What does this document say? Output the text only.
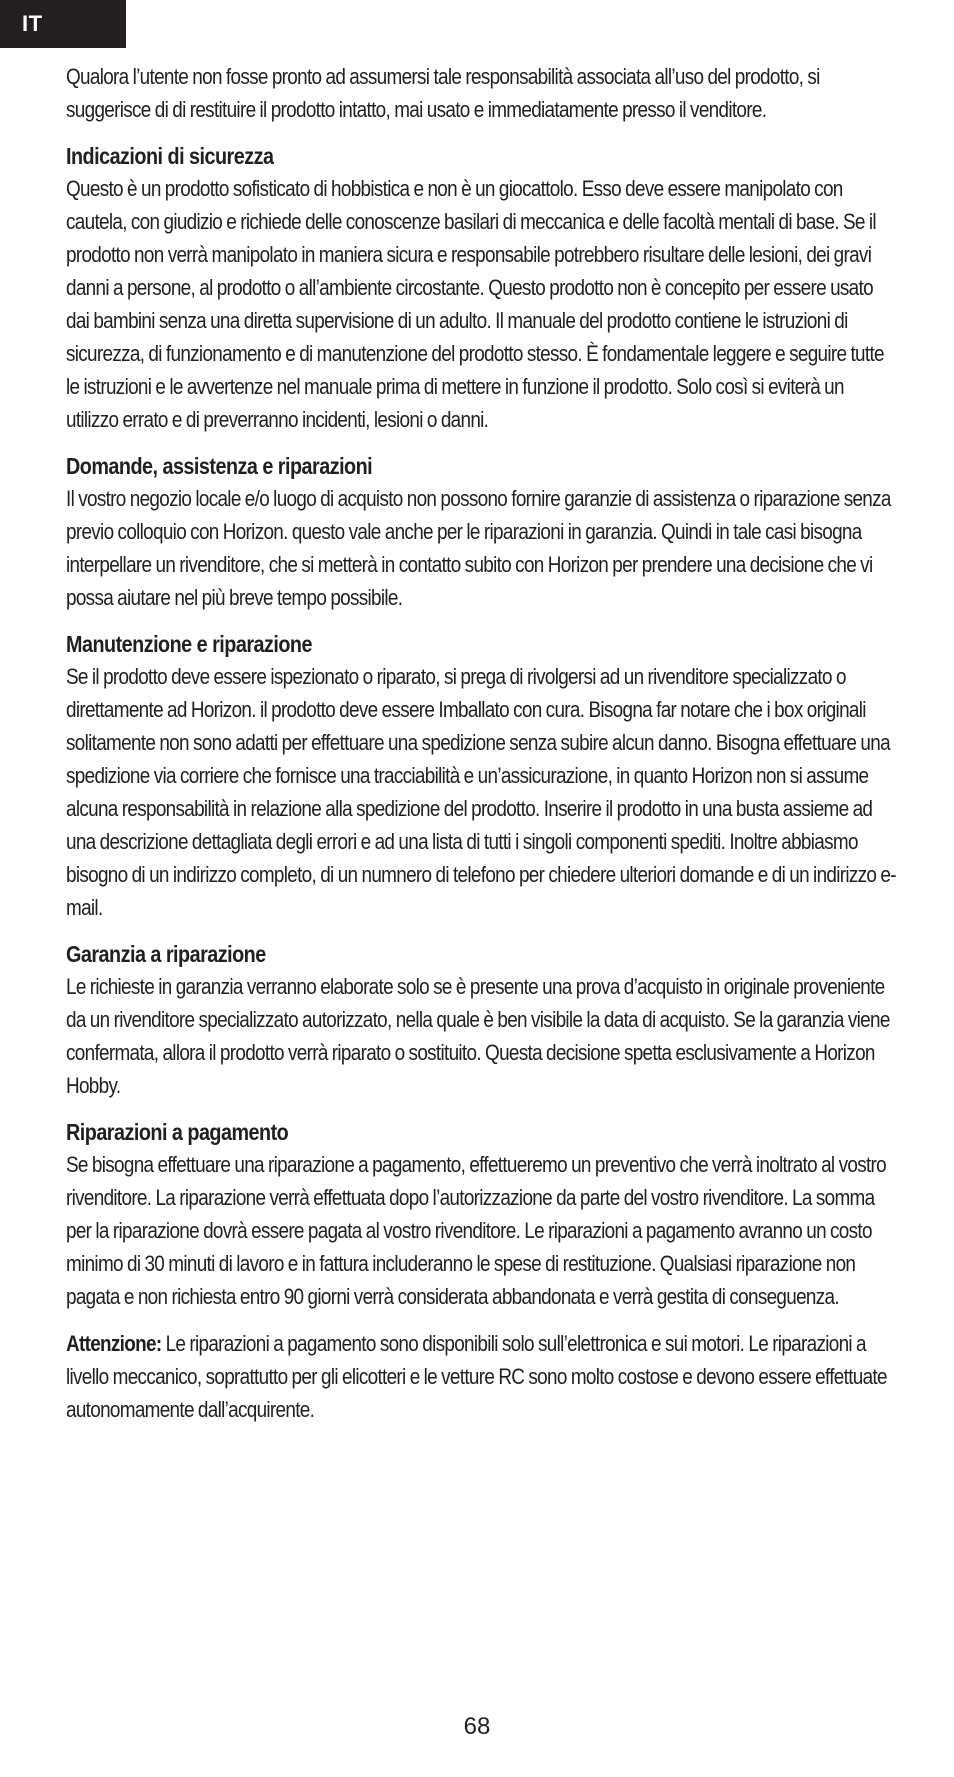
IT

Qualora l’utente non fosse pronto ad assumersi tale responsabilità associata all’uso del prodotto, si suggerisce di di restituire il prodotto intatto, mai usato e immediatamente presso il venditore.

Indicazioni di sicurezza

Questo è un prodotto sofisticato di hobbistica e non è un giocattolo. Esso deve essere manipolato con cautela, con giudizio e richiede delle conoscenze basilari di meccanica e delle facoltà mentali di base. Se il prodotto non verrà manipolato in maniera sicura e responsabile potrebbero risultare delle lesioni, dei gravi danni a persone, al prodotto o all’ambiente circostante. Questo prodotto non è concepito per essere usato dai bambini senza una diretta supervisione di un adulto. Il manuale del prodotto contiene le istruzioni di sicurezza, di funzionamento e di manutenzione del prodotto stesso. È fondamentale leggere e seguire tutte le istruzioni e le avvertenze nel manuale prima di mettere in funzione il prodotto. Solo così si eviterà un utilizzo errato e di preverranno incidenti, lesioni o danni.

Domande, assistenza e riparazioni

Il vostro negozio locale e/o luogo di acquisto non possono fornire garanzie di assistenza o riparazione senza previo colloquio con Horizon. questo vale anche per le riparazioni in garanzia. Quindi in tale casi bisogna interpellare un rivenditore, che si metterà in contatto subito con Horizon per prendere una decisione che vi possa aiutare nel più breve tempo possibile.

Manutenzione e riparazione

Se il prodotto deve essere ispezionato o riparato, si prega di rivolgersi ad un rivenditore specializzato o direttamente ad Horizon. il prodotto deve essere Imballato con cura. Bisogna far notare che i box originali solitamente non sono adatti per effettuare una spedizione senza subire alcun danno. Bisogna effettuare una spedizione via corriere che fornisce una tracciabilità e un’assicurazione, in quanto Horizon non si assume alcuna responsabilità in relazione alla spedizione del prodotto. Inserire il prodotto in una busta assieme ad una descrizione dettagliata degli errori e ad una lista di tutti i singoli componenti spediti. Inoltre abbiasmo bisogno di un indirizzo completo, di un numnero di telefono per chiedere ulteriori domande e di un indirizzo e-mail.

Garanzia a riparazione

Le richieste in garanzia verranno elaborate solo se è presente una prova d’acquisto in originale proveniente da un rivenditore specializzato autorizzato, nella quale è ben visibile la data di acquisto. Se la garanzia viene confermata, allora il prodotto verrà riparato o sostituito. Questa decisione spetta esclusivamente a Horizon Hobby.

Riparazioni a pagamento

Se bisogna effettuare una riparazione a pagamento, effettueremo un preventivo che verrà inoltrato al vostro rivenditore. La riparazione verrà effettuata dopo l’autorizzazione da parte del vostro rivenditore. La somma per la riparazione dovrà essere pagata al vostro rivenditore. Le riparazioni a pagamento avranno un costo minimo di 30 minuti di lavoro e in fattura includeranno le spese di restituzione. Qualsiasi riparazione non pagata e non richiesta entro 90 giorni verrà considerata abbandonata e verrà gestita di conseguenza.

Attenzione: Le riparazioni a pagamento sono disponibili solo sull’elettronica e sui motori. Le riparazioni a livello meccanico, soprattutto per gli elicotteri e le vetture RC sono molto costose e devono essere effettuate autonomamente dall’acquirente.

68
